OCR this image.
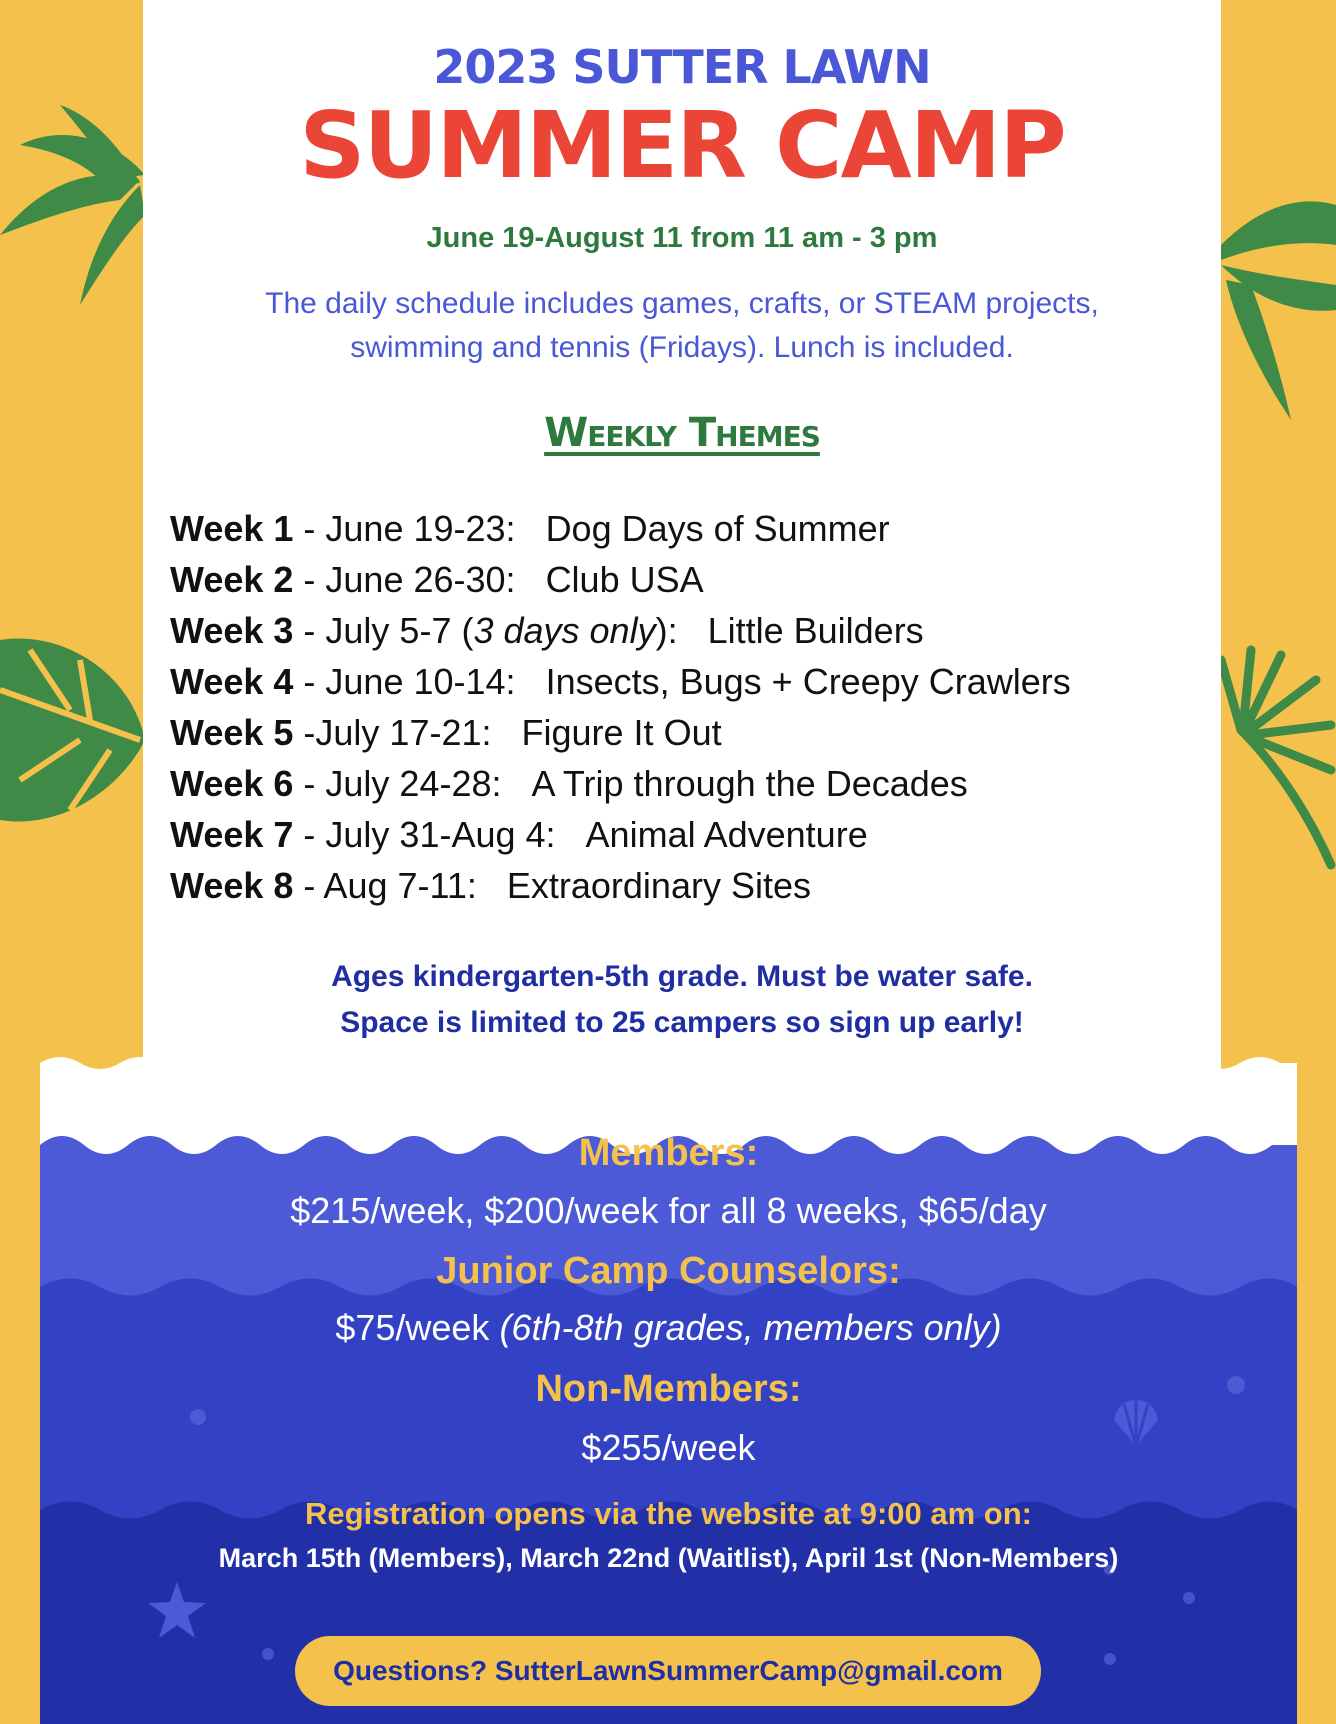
2023 SUTTER LAWN
SUMMER CAMP
June 19-August 11 from 11 am - 3 pm
The daily schedule includes games, crafts, or STEAM projects,
swimming and tennis (Fridays). Lunch is included.
Weekly Themes
Week 1 - June 19-23: Dog Days of Summer
Week 2 - June 26-30: Club USA
Week 3 - July 5-7 (3 days only): Little Builders
Week 4 - June 10-14: Insects, Bugs + Creepy Crawlers
Week 5 -July 17-21: Figure It Out
Week 6 - July 24-28: A Trip through the Decades
Week 7 - July 31-Aug 4: Animal Adventure
Week 8 - Aug 7-11: Extraordinary Sites
Ages kindergarten-5th grade. Must be water safe.
Space is limited to 25 campers so sign up early!
Members:
$215/week, $200/week for all 8 weeks, $65/day
Junior Camp Counselors:
$75/week (6th-8th grades, members only)
Non-Members:
$255/week
Registration opens via the website at 9:00 am on:
March 15th (Members), March 22nd (Waitlist), April 1st (Non-Members)
Questions? SutterLawnSummerCamp@gmail.com
